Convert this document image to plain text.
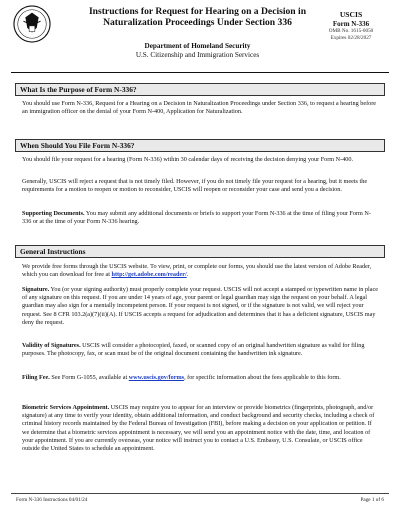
Instructions for Request for Hearing on a Decision in
Naturalization Proceedings Under Section 336
Department of Homeland Security
U.S. Citizenship and Immigration Services
USCIS
Form N-336
OMB No. 1615-0050
Expires 02/28/2027
What Is the Purpose of Form N-336?
You should use Form N-336, Request for a Hearing on a Decision in Naturalization Proceedings under Section 336, to request a hearing before an immigration officer on the denial of your Form N-400, Application for Naturalization.
When Should You File Form N-336?
You should file your request for a hearing (Form N-336) within 30 calendar days of receiving the decision denying your Form N-400.
Generally, USCIS will reject a request that is not timely filed. However, if you do not timely file your request for a hearing, but it meets the requirements for a motion to reopen or motion to reconsider, USCIS will reopen or reconsider your case and send you a decision.
Supporting Documents. You may submit any additional documents or briefs to support your Form N-336 at the time of filing your Form N-336 or at the time of your Form N-336 hearing.
General Instructions
We provide free forms through the USCIS website. To view, print, or complete our forms, you should use the latest version of Adobe Reader, which you can download for free at http://get.adobe.com/reader/.
Signature. You (or your signing authority) must properly complete your request. USCIS will not accept a stamped or typewritten name in place of any signature on this request. If you are under 14 years of age, your parent or legal guardian may sign the request on your behalf. A legal guardian may also sign for a mentally incompetent person. If your request is not signed, or if the signature is not valid, we will reject your request. See 8 CFR 103.2(a)(7)(ii)(A). If USCIS accepts a request for adjudication and determines that it has a deficient signature, USCIS may deny the request.
Validity of Signatures. USCIS will consider a photocopied, faxed, or scanned copy of an original handwritten signature as valid for filing purposes. The photocopy, fax, or scan must be of the original document containing the handwritten ink signature.
Filing Fee. See Form G-1055, available at www.uscis.gov/forms, for specific information about the fees applicable to this form.
Biometric Services Appointment. USCIS may require you to appear for an interview or provide biometrics (fingerprints, photograph, and/or signature) at any time to verify your identity, obtain additional information, and conduct background and security checks, including a check of criminal history records maintained by the Federal Bureau of Investigation (FBI), before making a decision on your application or petition. If we determine that a biometric services appointment is necessary, we will send you an appointment notice with the date, time, and location of your appointment. If you are currently overseas, your notice will instruct you to contact a U.S. Embassy, U.S. Consulate, or USCIS office outside the United States to schedule an appointment.
Form N-336 Instructions 04/01/24	Page 1 of 6
